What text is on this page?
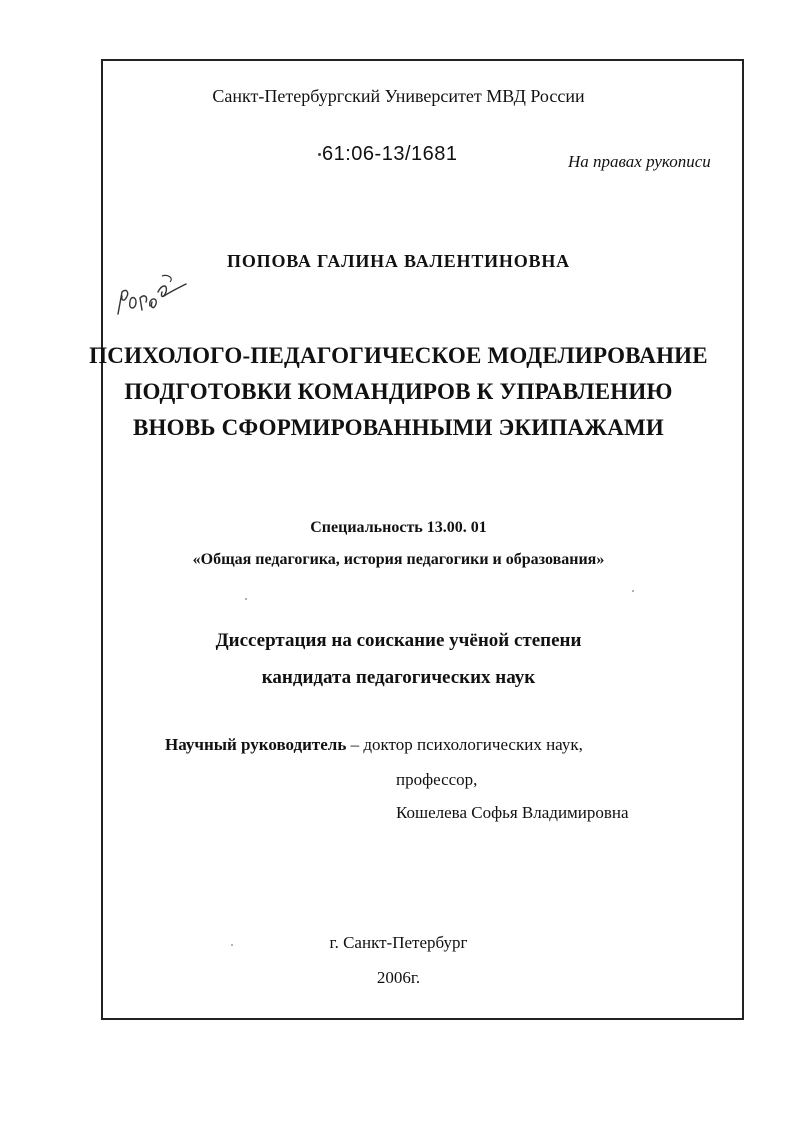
Санкт-Петербургский Университет МВД России
61:06-13/1681	На правах рукописи
ПОПОВА ГАЛИНА ВАЛЕНТИНОВНА
ПСИХОЛОГО-ПЕДАГОГИЧЕСКОЕ МОДЕЛИРОВАНИЕ
ПОДГОТОВКИ КОМАНДИРОВ К УПРАВЛЕНИЮ
ВНОВЬ СФОРМИРОВАННЫМИ ЭКИПАЖАМИ
Специальность 13.00. 01
«Общая педагогика, история педагогики и образования»
Диссертация на соискание учёной степени
кандидата педагогических наук
Научный руководитель – доктор психологических наук,
профессор,
Кошелева Софья Владимировна
г. Санкт-Петербург
2006г.
